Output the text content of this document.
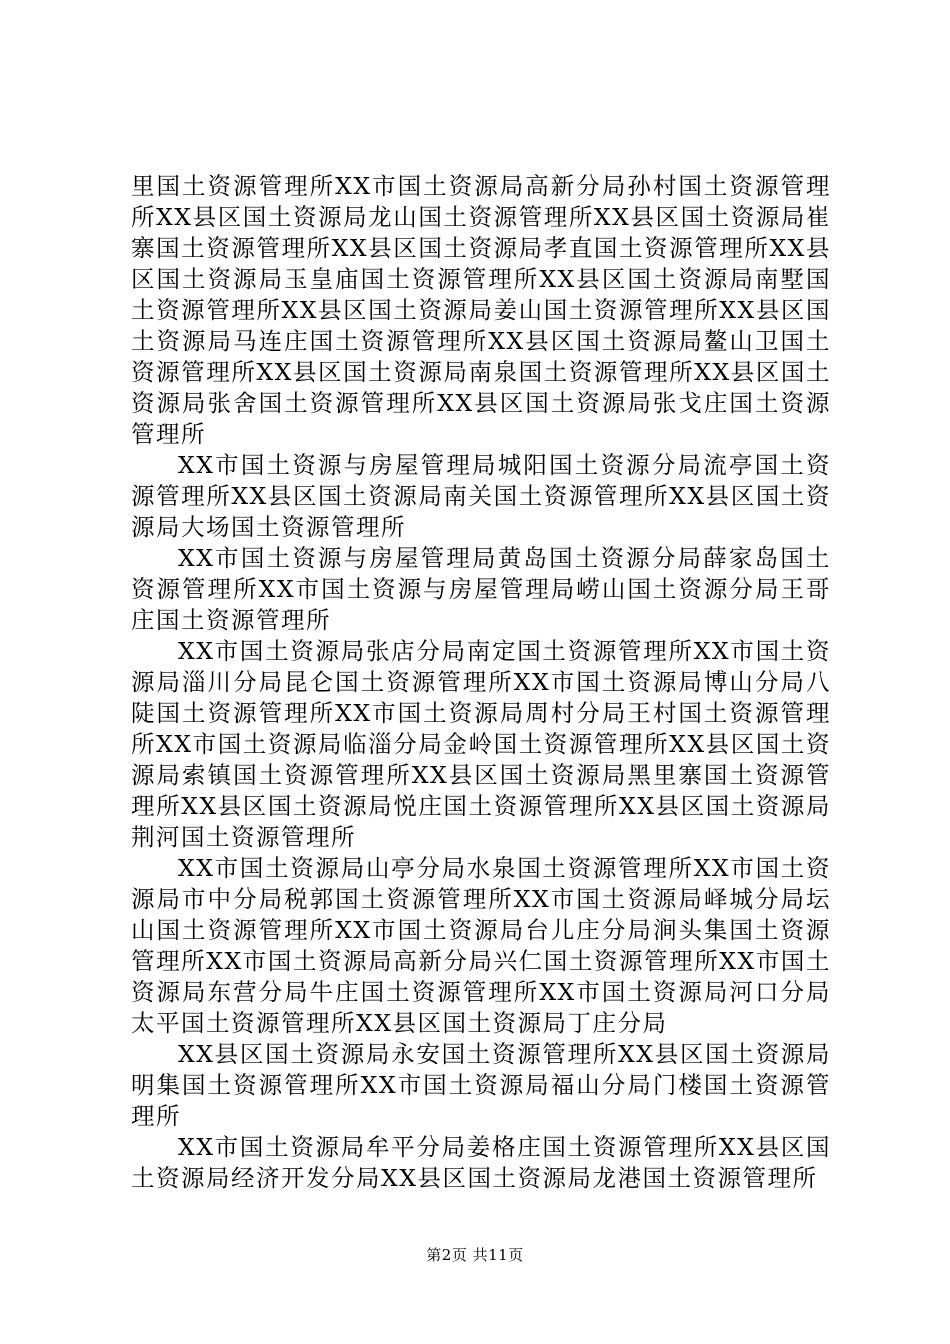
里国土资源管理所XX市国土资源局高新分局孙村国土资源管理所XX县区国土资源局龙山国土资源管理所XX县区国土资源局崔寨国土资源管理所XX县区国土资源局孝直国土资源管理所XX县区国土资源局玉皇庙国土资源管理所XX县区国土资源局南墅国土资源管理所XX县区国土资源局姜山国土资源管理所XX县区国土资源局马连庄国土资源管理所XX县区国土资源局鳌山卫国土资源管理所XX县区国土资源局南泉国土资源管理所XX县区国土资源局张舍国土资源管理所XX县区国土资源局张戈庄国土资源管理所

XX市国土资源与房屋管理局城阳国土资源分局流亭国土资源管理所XX县区国土资源局南关国土资源管理所XX县区国土资源局大场国土资源管理所

XX市国土资源与房屋管理局黄岛国土资源分局薛家岛国土资源管理所XX市国土资源与房屋管理局崂山国土资源分局王哥庄国土资源管理所

XX市国土资源局张店分局南定国土资源管理所XX市国土资源局淄川分局昆仑国土资源管理所XX市国土资源局博山分局八陡国土资源管理所XX市国土资源局周村分局王村国土资源管理所XX市国土资源局临淄分局金岭国土资源管理所XX县区国土资源局索镇国土资源管理所XX县区国土资源局黑里寨国土资源管理所XX县区国土资源局悦庄国土资源管理所XX县区国土资源局荆河国土资源管理所

XX市国土资源局山亭分局水泉国土资源管理所XX市国土资源局市中分局税郭国土资源管理所XX市国土资源局峄城分局坛山国土资源管理所XX市国土资源局台儿庄分局涧头集国土资源管理所XX市国土资源局高新分局兴仁国土资源管理所XX市国土资源局东营分局牛庄国土资源管理所XX市国土资源局河口分局太平国土资源管理所XX县区国土资源局丁庄分局

XX县区国土资源局永安国土资源管理所XX县区国土资源局明集国土资源管理所XX市国土资源局福山分局门楼国土资源管理所

XX市国土资源局牟平分局姜格庄国土资源管理所XX县区国土资源局经济开发分局XX县区国土资源局龙港国土资源管理所

第2页 共11页
